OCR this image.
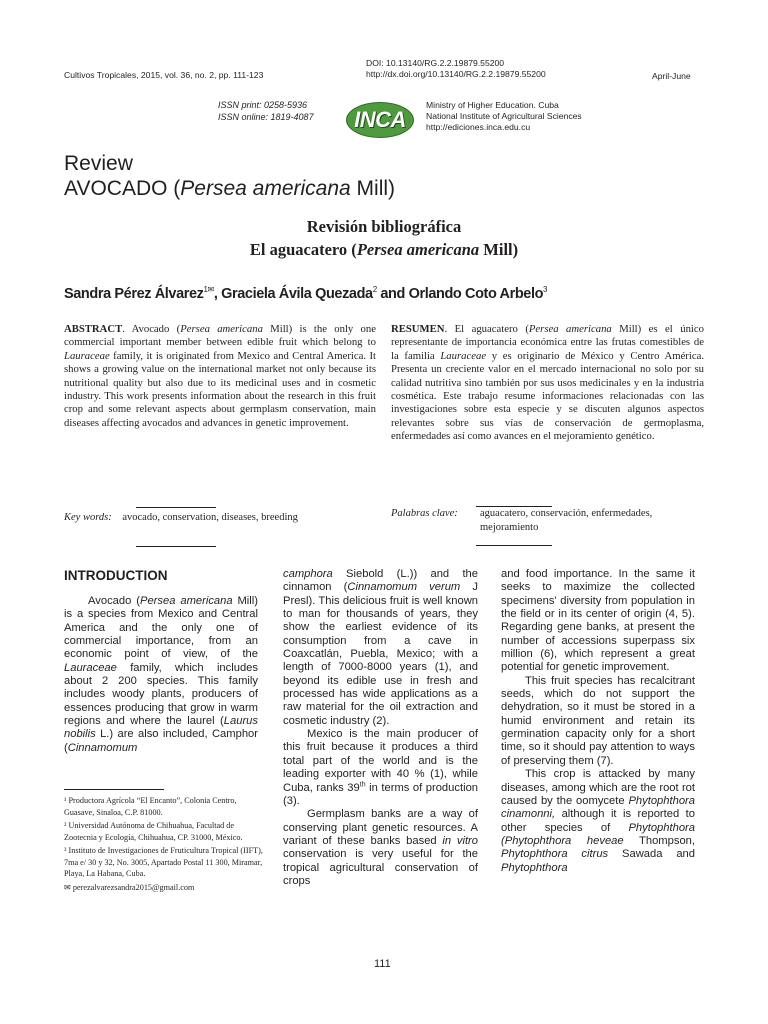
Cultivos Tropicales, 2015, vol. 36, no. 2, pp. 111-123
DOI: 10.13140/RG.2.2.19879.55200
http://dx.doi.org/10.13140/RG.2.2.19879.55200	April-June
ISSN print: 0258-5936
ISSN online: 1819-4087 INCA
Ministry of Higher Education. Cuba
National Institute of Agricultural Sciences
http://ediciones.inca.edu.cu
Review
AVOCADO (Persea americana Mill)
Revisión bibliográfica
El aguacatero (Persea americana Mill)
Sandra Pérez Álvarez$^{1✉}$, Graciela Ávila Quezada$^2$ and Orlando Coto Arbelo$^3$
ABSTRACT. Avocado (Persea americana Mill) is the only one commercial important member between edible fruit which belong to Lauraceae family, it is originated from Mexico and Central America. It shows a growing value on the international market not only because its nutritional quality but also due to its medicinal uses and in cosmetic industry. This work presents information about the research in this fruit crop and some relevant aspects about germplasm conservation, main diseases affecting avocados and advances in genetic improvement.
RESUMEN. El aguacatero (Persea americana Mill) es el único representante de importancia económica entre las frutas comestibles de la familia Lauraceae y es originario de México y Centro América. Presenta un creciente valor en el mercado internacional no solo por su calidad nutritiva sino también por sus usos medicinales y en la industria cosmética. Este trabajo resume informaciones relacionadas con las investigaciones sobre esta especie y se discuten algunos aspectos relevantes sobre sus vías de conservación de germoplasma, enfermedades así como avances en el mejoramiento genético.
Key words: avocado, conservation, diseases, breeding	Palabras clave: aguacatero, conservación, enfermedades,
mejoramiento
INTRODUCTION

Avocado (Persea americana Mill) is a species from Mexico and Central America and the only one of commercial importance, from an economic point of view, of the Lauraceae family, which includes about 2 200 species. This family includes woody plants, producers of essences producing that grow in warm regions and where the laurel (Laurus nobilis L.) are also included, Camphor (Cinnamomum

¹ Productora Agrícola “El Encanto”, Colonia Centro, Guasave, Sinaloa, C.P. 81000.

² Universidad Autónoma de Chihuahua, Facultad de Zootecnia y Ecología, Chihuahua, CP. 31000, México.

³ Instituto de Investigaciones de Fruticultura Tropical (IIFT), 7ma e/ 30 y 32, No. 3005, Apartado Postal 11 300, Miramar, Playa, La Habana, Cuba.

✉ perezalvarezsandra2015@gmail.com

camphora Siebold (L.)) and the cinnamon (Cinnamomum verum J Presl). This delicious fruit is well known to man for thousands of years, they show the earliest evidence of its consumption from a cave in Coaxcatlán, Puebla, Mexico; with a length of 7000-8000 years (1), and beyond its edible use in fresh and processed has wide applications as a raw material for the oil extraction and cosmetic industry (2).

Mexico is the main producer of this fruit because it produces a third total part of the world and is the leading exporter with 40 % (1), while Cuba, ranks 39th in terms of production (3).

Germplasm banks are a way of conserving plant genetic resources. A variant of these banks based in vitro conservation is very useful for the tropical agricultural conservation of crops

and food importance. In the same it seeks to maximize the collected specimens' diversity from population in the field or in its center of origin (4, 5). Regarding gene banks, at present the number of accessions superpass six million (6), which represent a great potential for genetic improvement.

This fruit species has recalcitrant seeds, which do not support the dehydration, so it must be stored in a humid environment and retain its germination capacity only for a short time, so it should pay attention to ways of preserving them (7).

This crop is attacked by many diseases, among which are the root rot caused by the oomycete Phytophthora cinamonni, although it is reported to other species of Phytophthora (Phytophthora heveae Thompson, Phytophthora citrus Sawada and Phytophthora

111
